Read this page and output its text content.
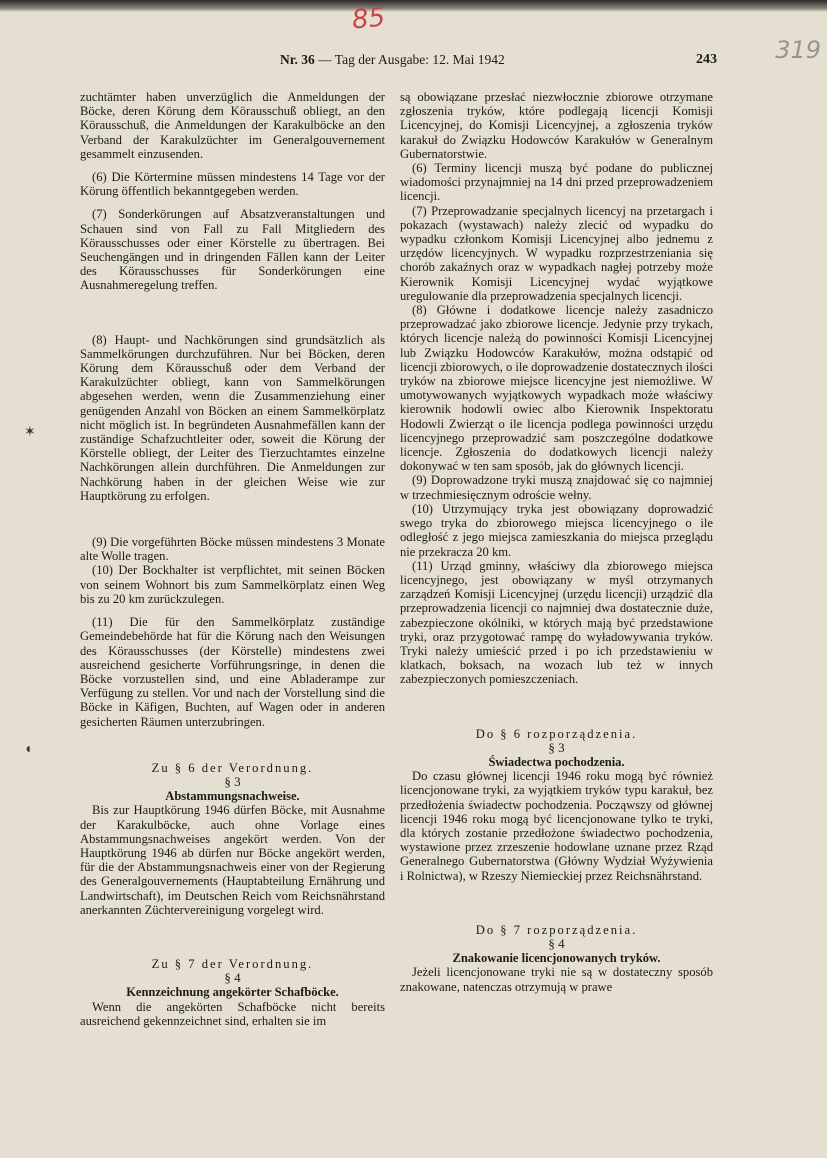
85
319
Nr. 36 — Tag der Ausgabe: 12. Mai 1942	243
✶
◖

zuchtämter haben unverzüglich die Anmeldungen der Böcke, deren Körung dem Körausschuß obliegt, an den Körausschuß, die Anmeldungen der Karakulböcke an den Verband der Karakulzüchter im Generalgouvernement gesammelt einzusenden.

(6) Die Körtermine müssen mindestens 14 Tage vor der Körung öffentlich bekanntgegeben werden.

(7) Sonderkörungen auf Absatzveranstaltungen und Schauen sind von Fall zu Fall Mitgliedern des Körausschusses oder einer Körstelle zu übertragen. Bei Seuchengängen und in dringenden Fällen kann der Leiter des Körausschusses für Sonderkörungen eine Ausnahmeregelung treffen.

(8) Haupt- und Nachkörungen sind grundsätzlich als Sammelkörungen durchzuführen. Nur bei Böcken, deren Körung dem Körausschuß oder dem Verband der Karakulzüchter obliegt, kann von Sammelkörungen abgesehen werden, wenn die Zusammenziehung einer genügenden Anzahl von Böcken an einem Sammelkörplatz nicht möglich ist. In begründeten Ausnahmefällen kann der zuständige Schafzuchtleiter oder, soweit die Körung der Körstelle obliegt, der Leiter des Tierzuchtamtes einzelne Nachkörungen allein durchführen. Die Anmeldungen zur Nachkörung haben in der gleichen Weise wie zur Hauptkörung zu erfolgen.

(9) Die vorgeführten Böcke müssen mindestens 3 Monate alte Wolle tragen.

(10) Der Bockhalter ist verpflichtet, mit seinen Böcken von seinem Wohnort bis zum Sammelkörplatz einen Weg bis zu 20 km zurückzulegen.

(11) Die für den Sammelkörplatz zuständige Gemeindebehörde hat für die Körung nach den Weisungen des Körausschusses (der Körstelle) mindestens zwei ausreichend gesicherte Vorführungsringe, in denen die Böcke vorzustellen sind, und eine Abladerampe zur Verfügung zu stellen. Vor und nach der Vorstellung sind die Böcke in Käfigen, Buchten, auf Wagen oder in anderen gesicherten Räumen unterzubringen.

Zu § 6 der Verordnung.

§ 3

Abstammungsnachweise.

Bis zur Hauptkörung 1946 dürfen Böcke, mit Ausnahme der Karakulböcke, auch ohne Vorlage eines Abstammungsnachweises angekört werden. Von der Hauptkörung 1946 ab dürfen nur Böcke angekört werden, für die der Abstammungsnachweis einer von der Regierung des Generalgouvernements (Hauptabteilung Ernährung und Landwirtschaft), im Deutschen Reich vom Reichsnährstand anerkannten Züchtervereinigung vorgelegt wird.

Zu § 7 der Verordnung.

§ 4

Kennzeichnung angekörter Schafböcke.

Wenn die angekörten Schafböcke nicht bereits ausreichend gekennzeichnet sind, erhalten sie im

są obowiązane przesłać niezwłocznie zbiorowe otrzymane zgłoszenia tryków, które podlegają licencji Komisji Licencyjnej, do Komisji Licencyjnej, a zgłoszenia tryków karakuł do Związku Hodowców Karakułów w Generalnym Gubernatorstwie.

(6) Terminy licencji muszą być podane do publicznej wiadomości przynajmniej na 14 dni przed przeprowadzeniem licencji.

(7) Przeprowadzanie specjalnych licencyj na przetargach i pokazach (wystawach) należy zlecić od wypadku do wypadku członkom Komisji Licencyjnej albo jednemu z urzędów licencyjnych. W wypadku rozprzestrzeniania się chorób zakaźnych oraz w wypadkach nagłej potrzeby może Kierownik Komisji Licencyjnej wydać wyjątkowe uregulowanie dla przeprowadzenia specjalnych licencji.

(8) Główne i dodatkowe licencje należy zasadniczo przeprowadzać jako zbiorowe licencje. Jedynie przy trykach, których licencje należą do powinności Komisji Licencyjnej lub Związku Hodowców Karakułów, można odstąpić od licencji zbiorowych, o ile doprowadzenie dostatecznych ilości tryków na zbiorowe miejsce licencyjne jest niemożliwe. W umotywowanych wyjątkowych wypadkach może właściwy kierownik hodowli owiec albo Kierownik Inspektoratu Hodowli Zwierząt o ile licencja podlega powinności urzędu licencyjnego przeprowadzić sam poszczególne dodatkowe licencje. Zgłoszenia do dodatkowych licencji należy dokonywać w ten sam sposób, jak do głównych licencji.

(9) Doprowadzone tryki muszą znajdować się co najmniej w trzechmiesięcznym odroście wełny.

(10) Utrzymujący tryka jest obowiązany doprowadzić swego tryka do zbiorowego miejsca licencyjnego o ile odległość z jego miejsca zamieszkania do miejsca przeglądu nie przekracza 20 km.

(11) Urząd gminny, właściwy dla zbiorowego miejsca licencyjnego, jest obowiązany w myśl otrzymanych zarządzeń Komisji Licencyjnej (urzędu licencji) urządzić dla przeprowadzenia licencji co najmniej dwa dostatecznie duże, zabezpieczone okólniki, w których mają być przedstawione tryki, oraz przygotować rampę do wyładowywania tryków. Tryki należy umieścić przed i po ich przedstawieniu w klatkach, boksach, na wozach lub też w innych zabezpieczonych pomieszczeniach.

Do § 6 rozporządzenia.

§ 3

Świadectwa pochodzenia.

Do czasu głównej licencji 1946 roku mogą być również licencjonowane tryki, za wyjątkiem tryków typu karakuł, bez przedłożenia świadectw pochodzenia. Począwszy od głównej licencji 1946 roku mogą być licencjonowane tylko te tryki, dla których zostanie przedłożone świadectwo pochodzenia, wystawione przez zrzeszenie hodowlane uznane przez Rząd Generalnego Gubernatorstwa (Główny Wydział Wyżywienia i Rolnictwa), w Rzeszy Niemieckiej przez Reichsnährstand.

Do § 7 rozporządzenia.

§ 4

Znakowanie licencjonowanych tryków.

Jeżeli licencjonowane tryki nie są w dostateczny sposób znakowane, natenczas otrzymują w prawe
